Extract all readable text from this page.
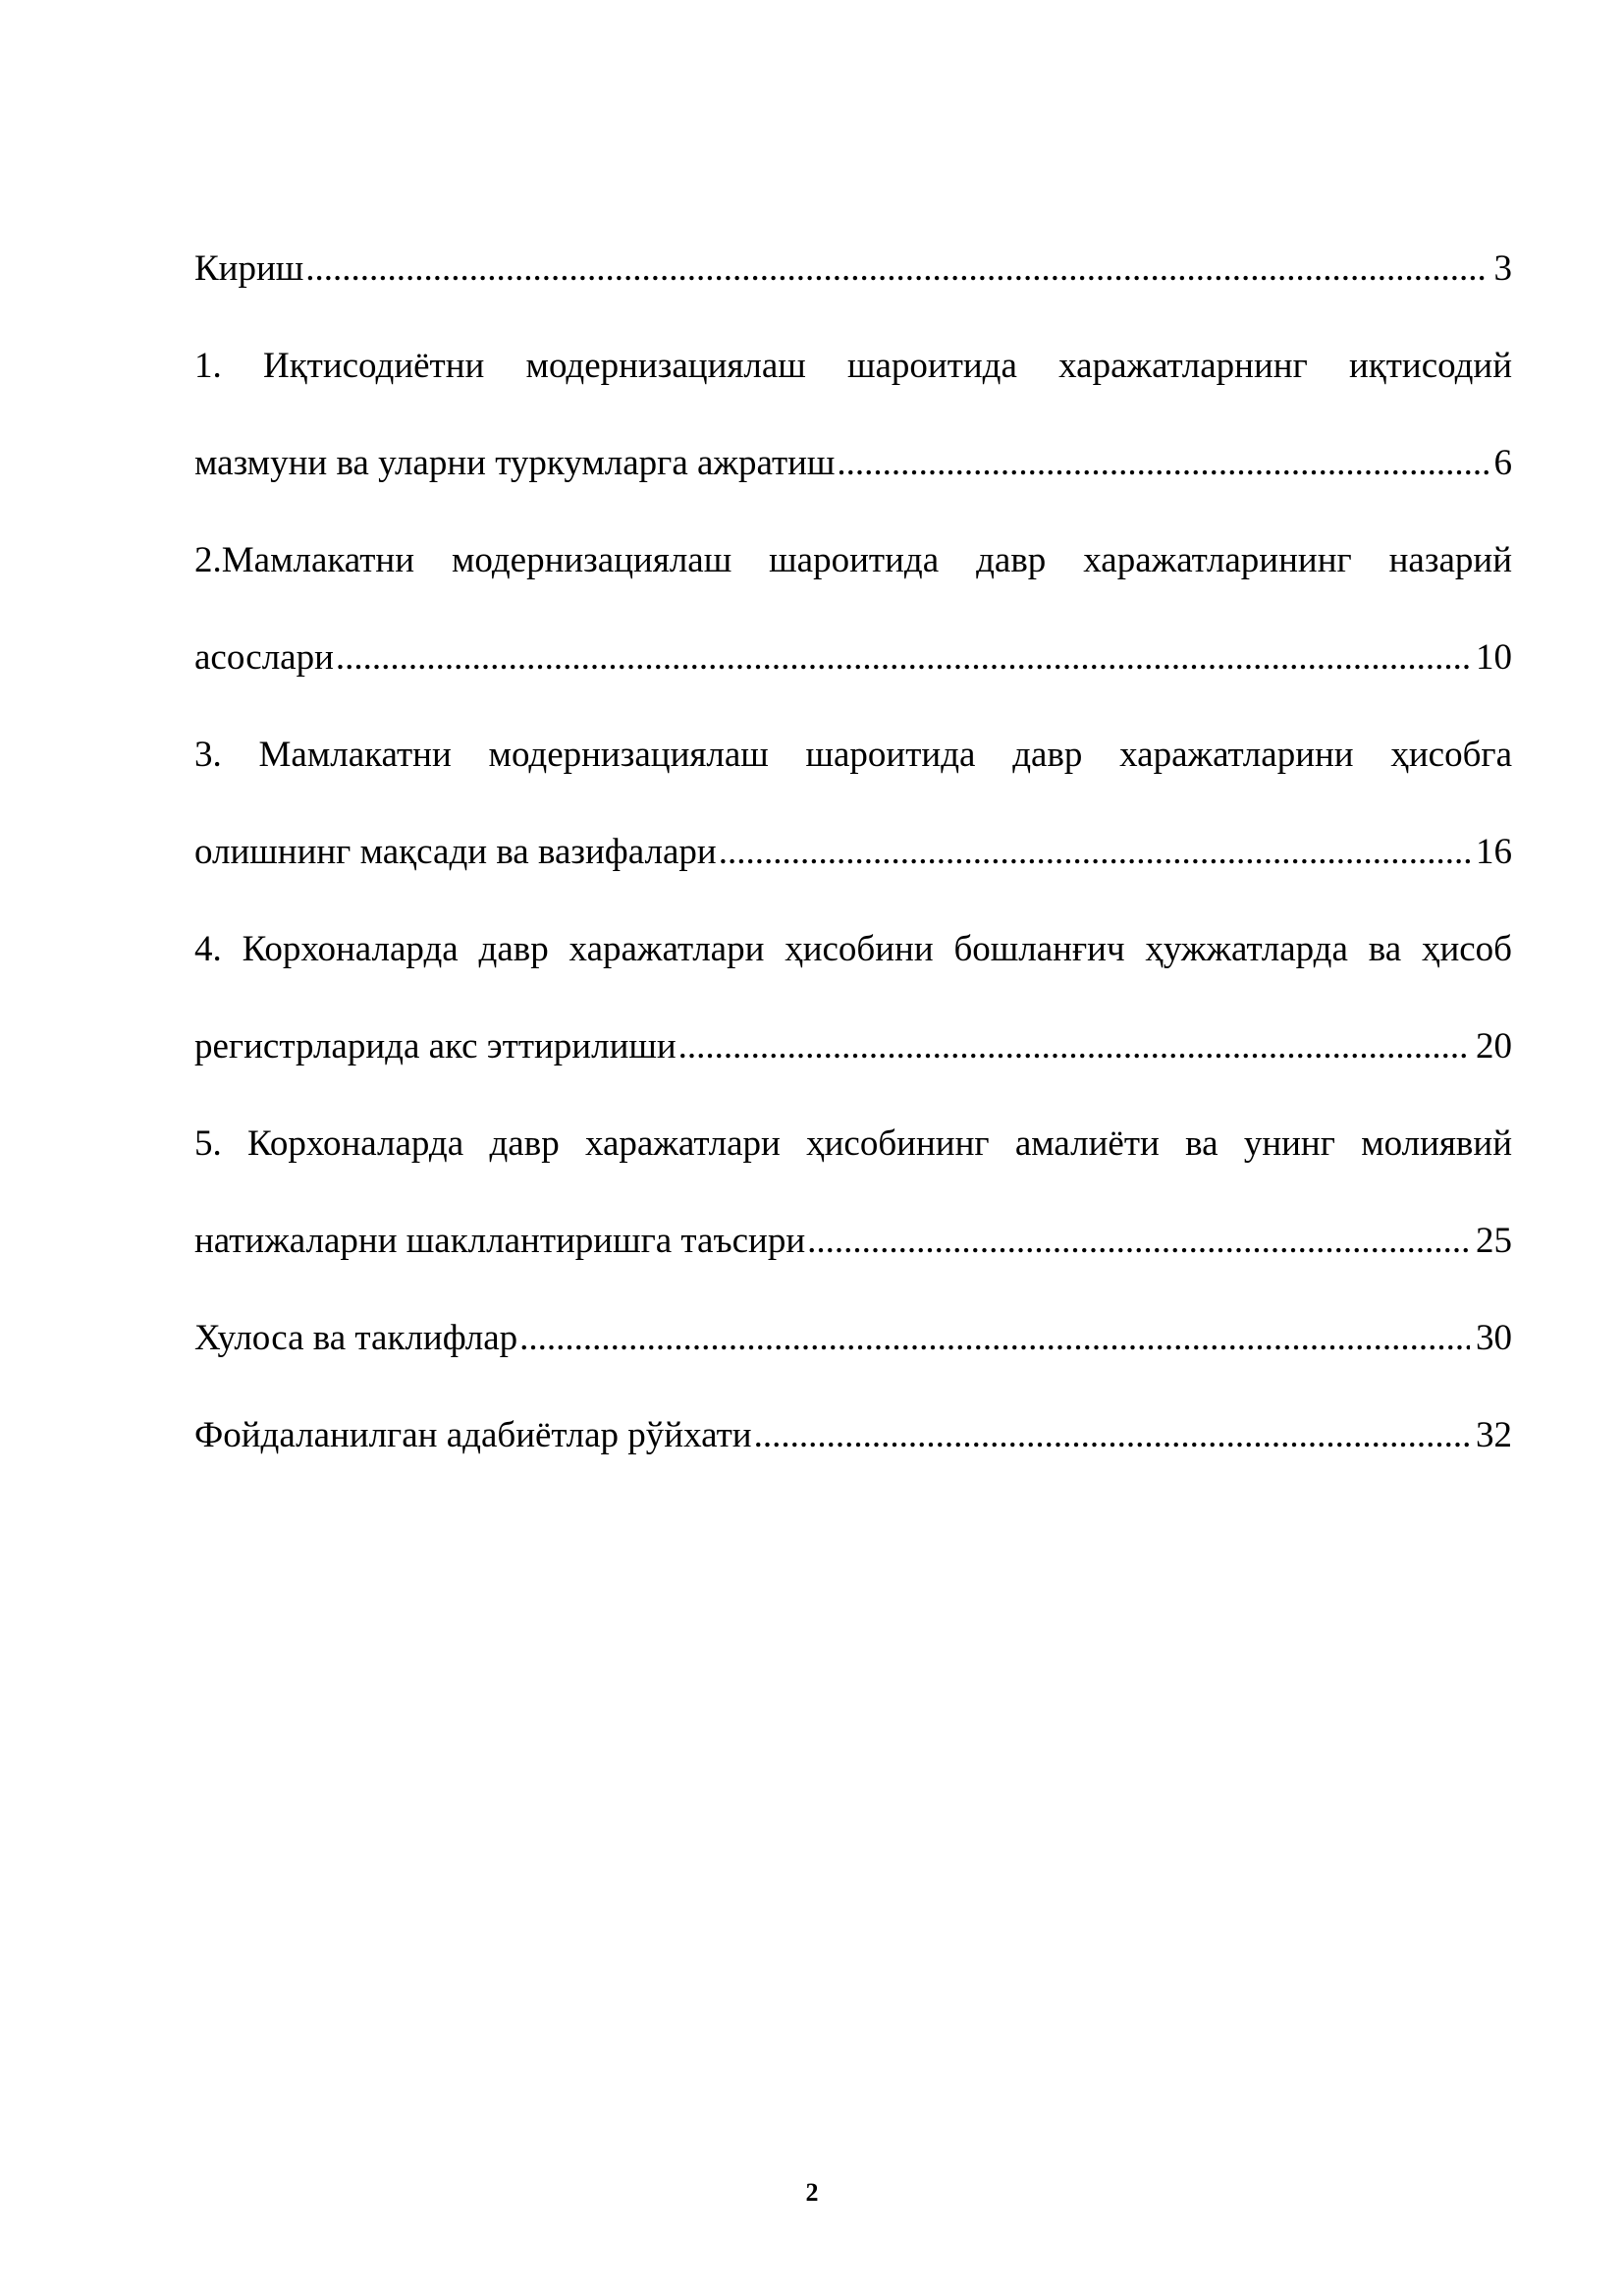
Кириш .....	3
1. Иқтисодиётни модернизациялаш шароитида харажатларнинг иқтисодий
мазмуни ва уларни туркумларга ажратиш .....	6
2.Мамлакатни модернизациялаш шароитида давр харажатларининг назарий
асослари .....	10
3. Мамлакатни модернизациялаш шароитида давр харажатларини ҳисобга
олишнинг мақсади ва вазифалари .....	16
4. Корхоналарда давр харажатлари ҳисобини бошланғич ҳужжатларда ва ҳисоб
регистрларида акс эттирилиши .....	20
5. Корхоналарда давр харажатлари ҳисобининг амалиёти ва унинг молиявий
натижаларни шакллантиришга таъсири .....	25
Хулоса ва таклифлар .....	30
Фойдаланилган адабиётлар рўйхати .....	32
2
